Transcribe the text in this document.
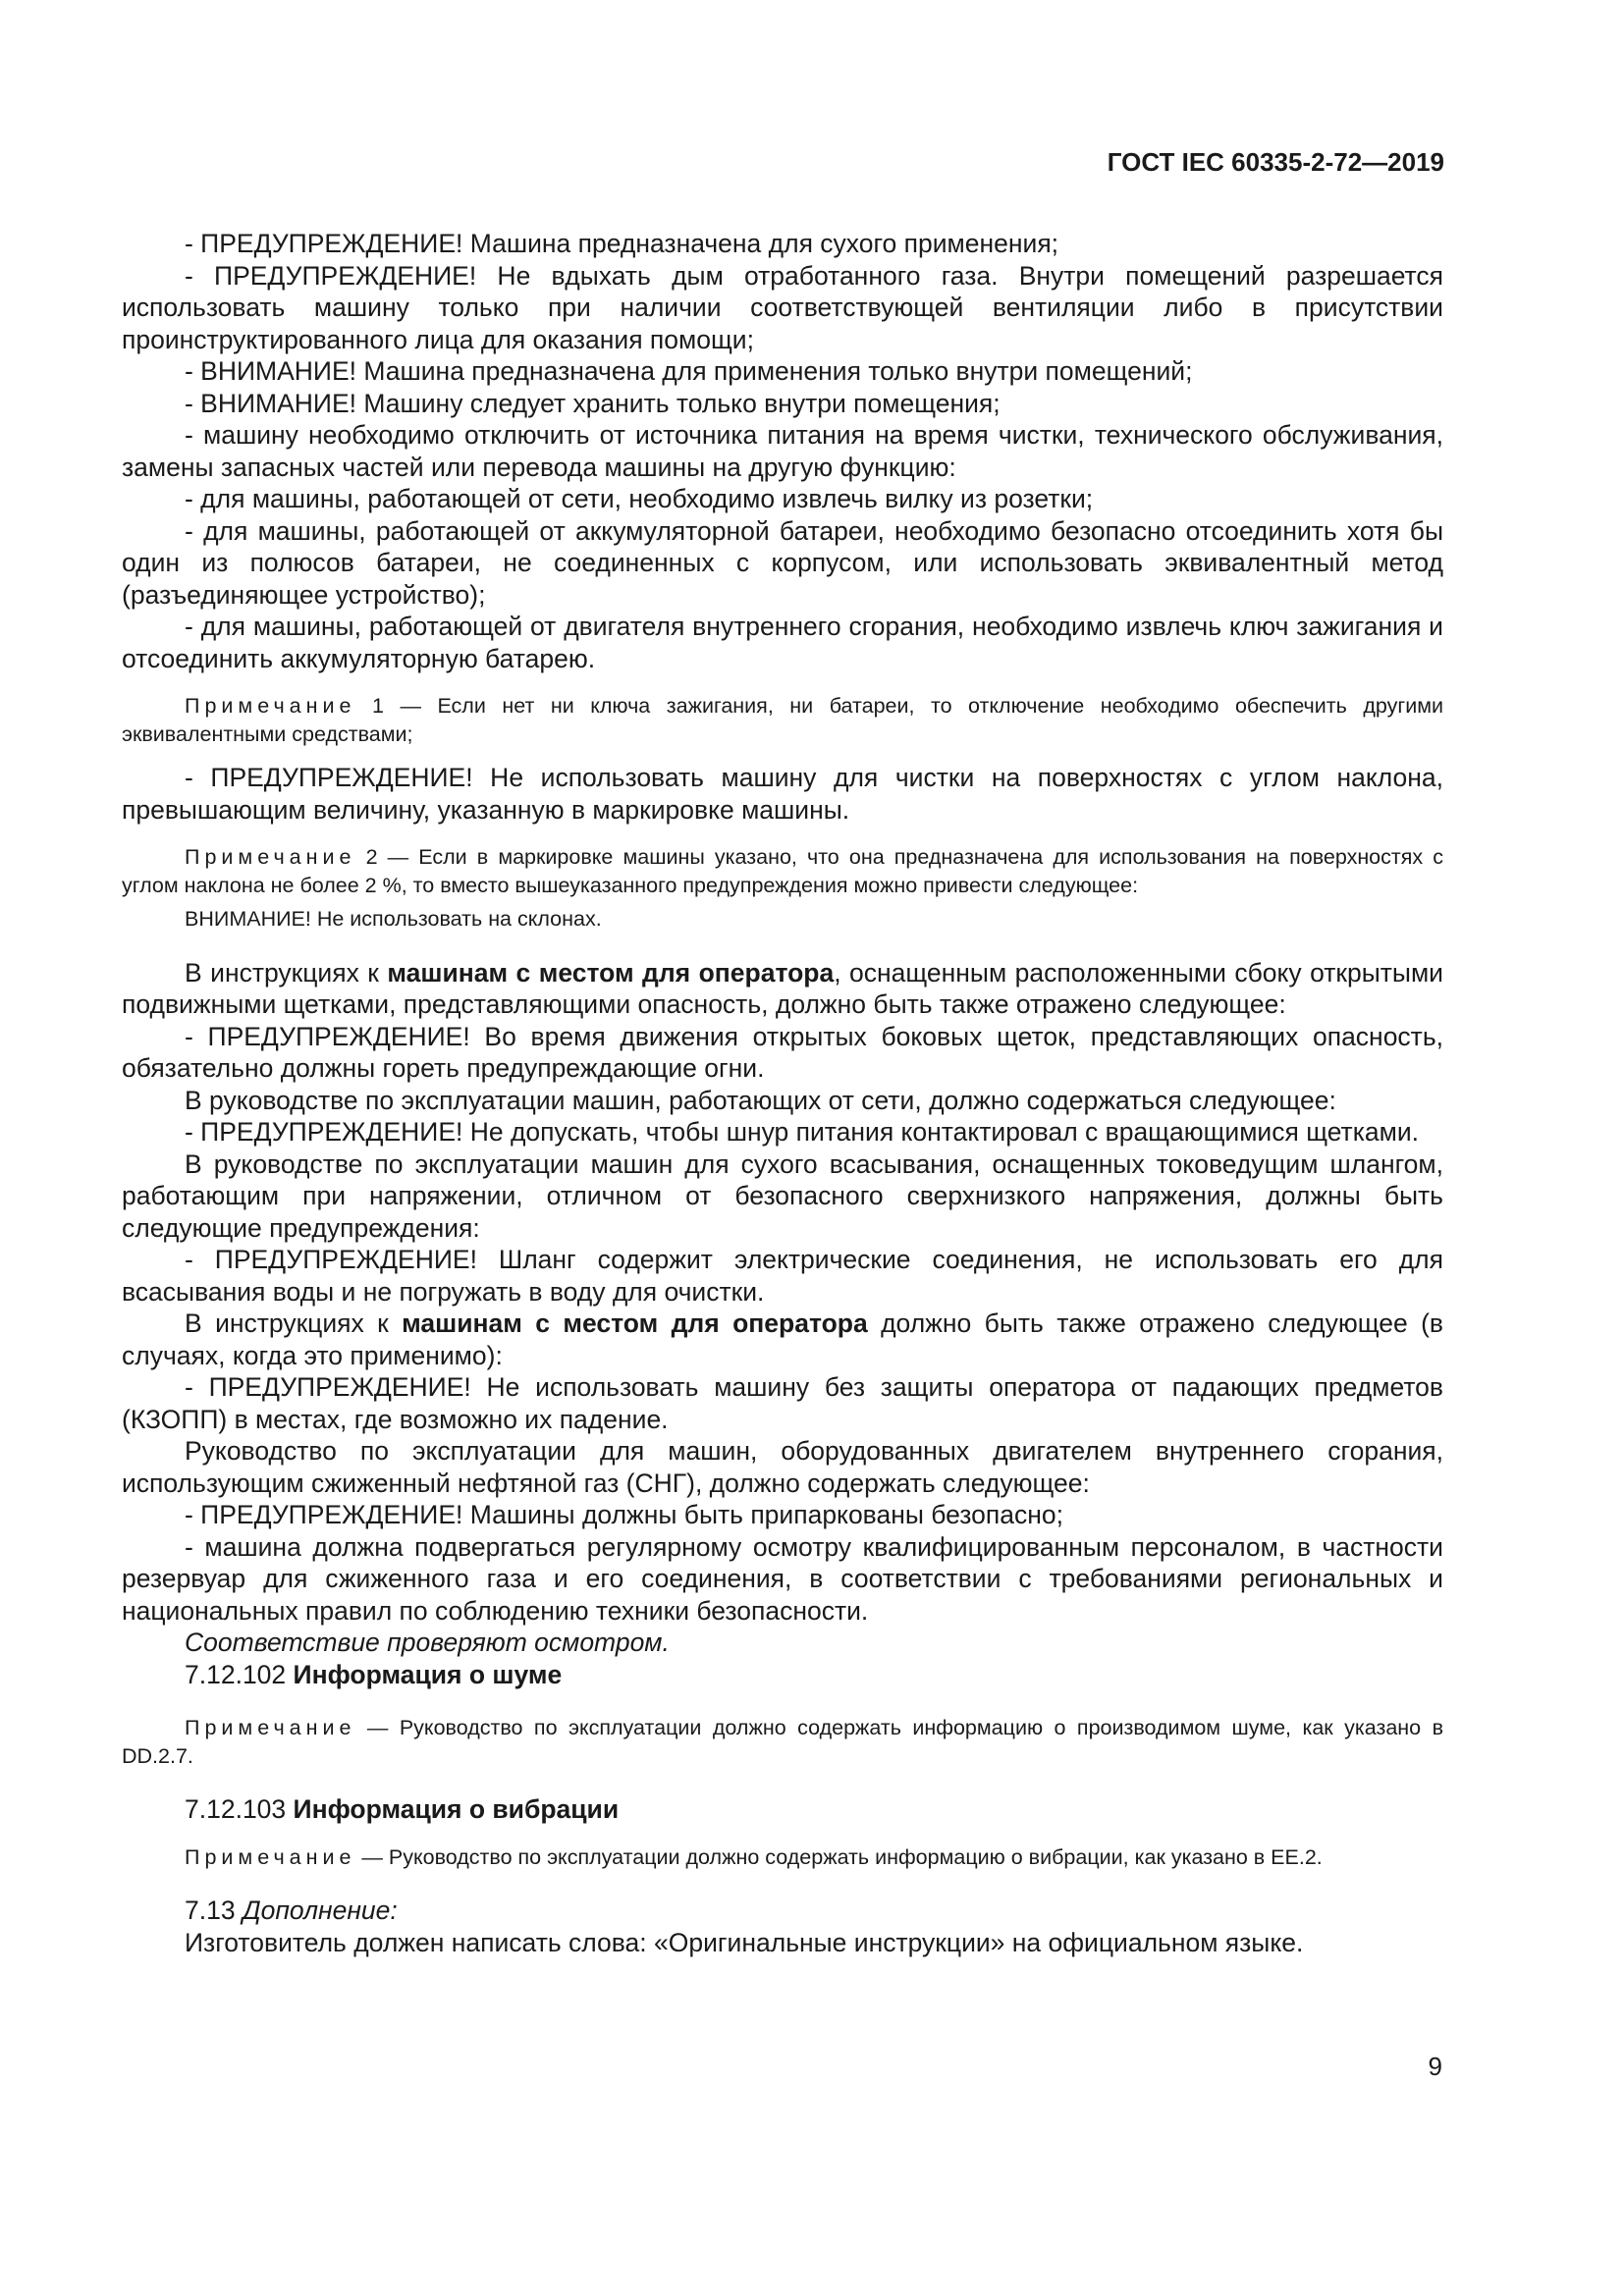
ГОСТ IEC 60335-2-72—2019

- ПРЕДУПРЕЖДЕНИЕ! Машина предназначена для сухого применения;

- ПРЕДУПРЕЖДЕНИЕ! Не вдыхать дым отработанного газа. Внутри помещений разрешается использовать машину только при наличии соответствующей вентиляции либо в присутствии проинструктированного лица для оказания помощи;

- ВНИМАНИЕ! Машина предназначена для применения только внутри помещений;

- ВНИМАНИЕ! Машину следует хранить только внутри помещения;

- машину необходимо отключить от источника питания на время чистки, технического обслуживания, замены запасных частей или перевода машины на другую функцию:

- для машины, работающей от сети, необходимо извлечь вилку из розетки;

- для машины, работающей от аккумуляторной батареи, необходимо безопасно отсоединить хотя бы один из полюсов батареи, не соединенных с корпусом, или использовать эквивалентный метод (разъединяющее устройство);

- для машины, работающей от двигателя внутреннего сгорания, необходимо извлечь ключ зажигания и отсоединить аккумуляторную батарею.

Примечание 1 — Если нет ни ключа зажигания, ни батареи, то отключение необходимо обеспечить другими эквивалентными средствами;

- ПРЕДУПРЕЖДЕНИЕ! Не использовать машину для чистки на поверхностях с углом наклона, превышающим величину, указанную в маркировке машины.

Примечание 2 — Если в маркировке машины указано, что она предназначена для использования на поверхностях с углом наклона не более 2 %, то вместо вышеуказанного предупреждения можно привести следующее:

ВНИМАНИЕ! Не использовать на склонах.

В инструкциях к машинам с местом для оператора, оснащенным расположенными сбоку открытыми подвижными щетками, представляющими опасность, должно быть также отражено следующее:

- ПРЕДУПРЕЖДЕНИЕ! Во время движения открытых боковых щеток, представляющих опасность, обязательно должны гореть предупреждающие огни.

В руководстве по эксплуатации машин, работающих от сети, должно содержаться следующее:

- ПРЕДУПРЕЖДЕНИЕ! Не допускать, чтобы шнур питания контактировал с вращающимися щетками.

В руководстве по эксплуатации машин для сухого всасывания, оснащенных токоведущим шлангом, работающим при напряжении, отличном от безопасного сверхнизкого напряжения, должны быть следующие предупреждения:

- ПРЕДУПРЕЖДЕНИЕ! Шланг содержит электрические соединения, не использовать его для всасывания воды и не погружать в воду для очистки.

В инструкциях к машинам с местом для оператора должно быть также отражено следующее (в случаях, когда это применимо):

- ПРЕДУПРЕЖДЕНИЕ! Не использовать машину без защиты оператора от падающих предметов (КЗОПП) в местах, где возможно их падение.

Руководство по эксплуатации для машин, оборудованных двигателем внутреннего сгорания, использующим сжиженный нефтяной газ (СНГ), должно содержать следующее:

- ПРЕДУПРЕЖДЕНИЕ! Машины должны быть припаркованы безопасно;

- машина должна подвергаться регулярному осмотру квалифицированным персоналом, в частности резервуар для сжиженного газа и его соединения, в соответствии с требованиями региональных и национальных правил по соблюдению техники безопасности.

Соответствие проверяют осмотром.

7.12.102 Информация о шуме

Примечание — Руководство по эксплуатации должно содержать информацию о производимом шуме, как указано в DD.2.7.

7.12.103 Информация о вибрации

Примечание — Руководство по эксплуатации должно содержать информацию о вибрации, как указано в ЕЕ.2.

7.13 Дополнение:

Изготовитель должен написать слова: «Оригинальные инструкции» на официальном языке.

9
